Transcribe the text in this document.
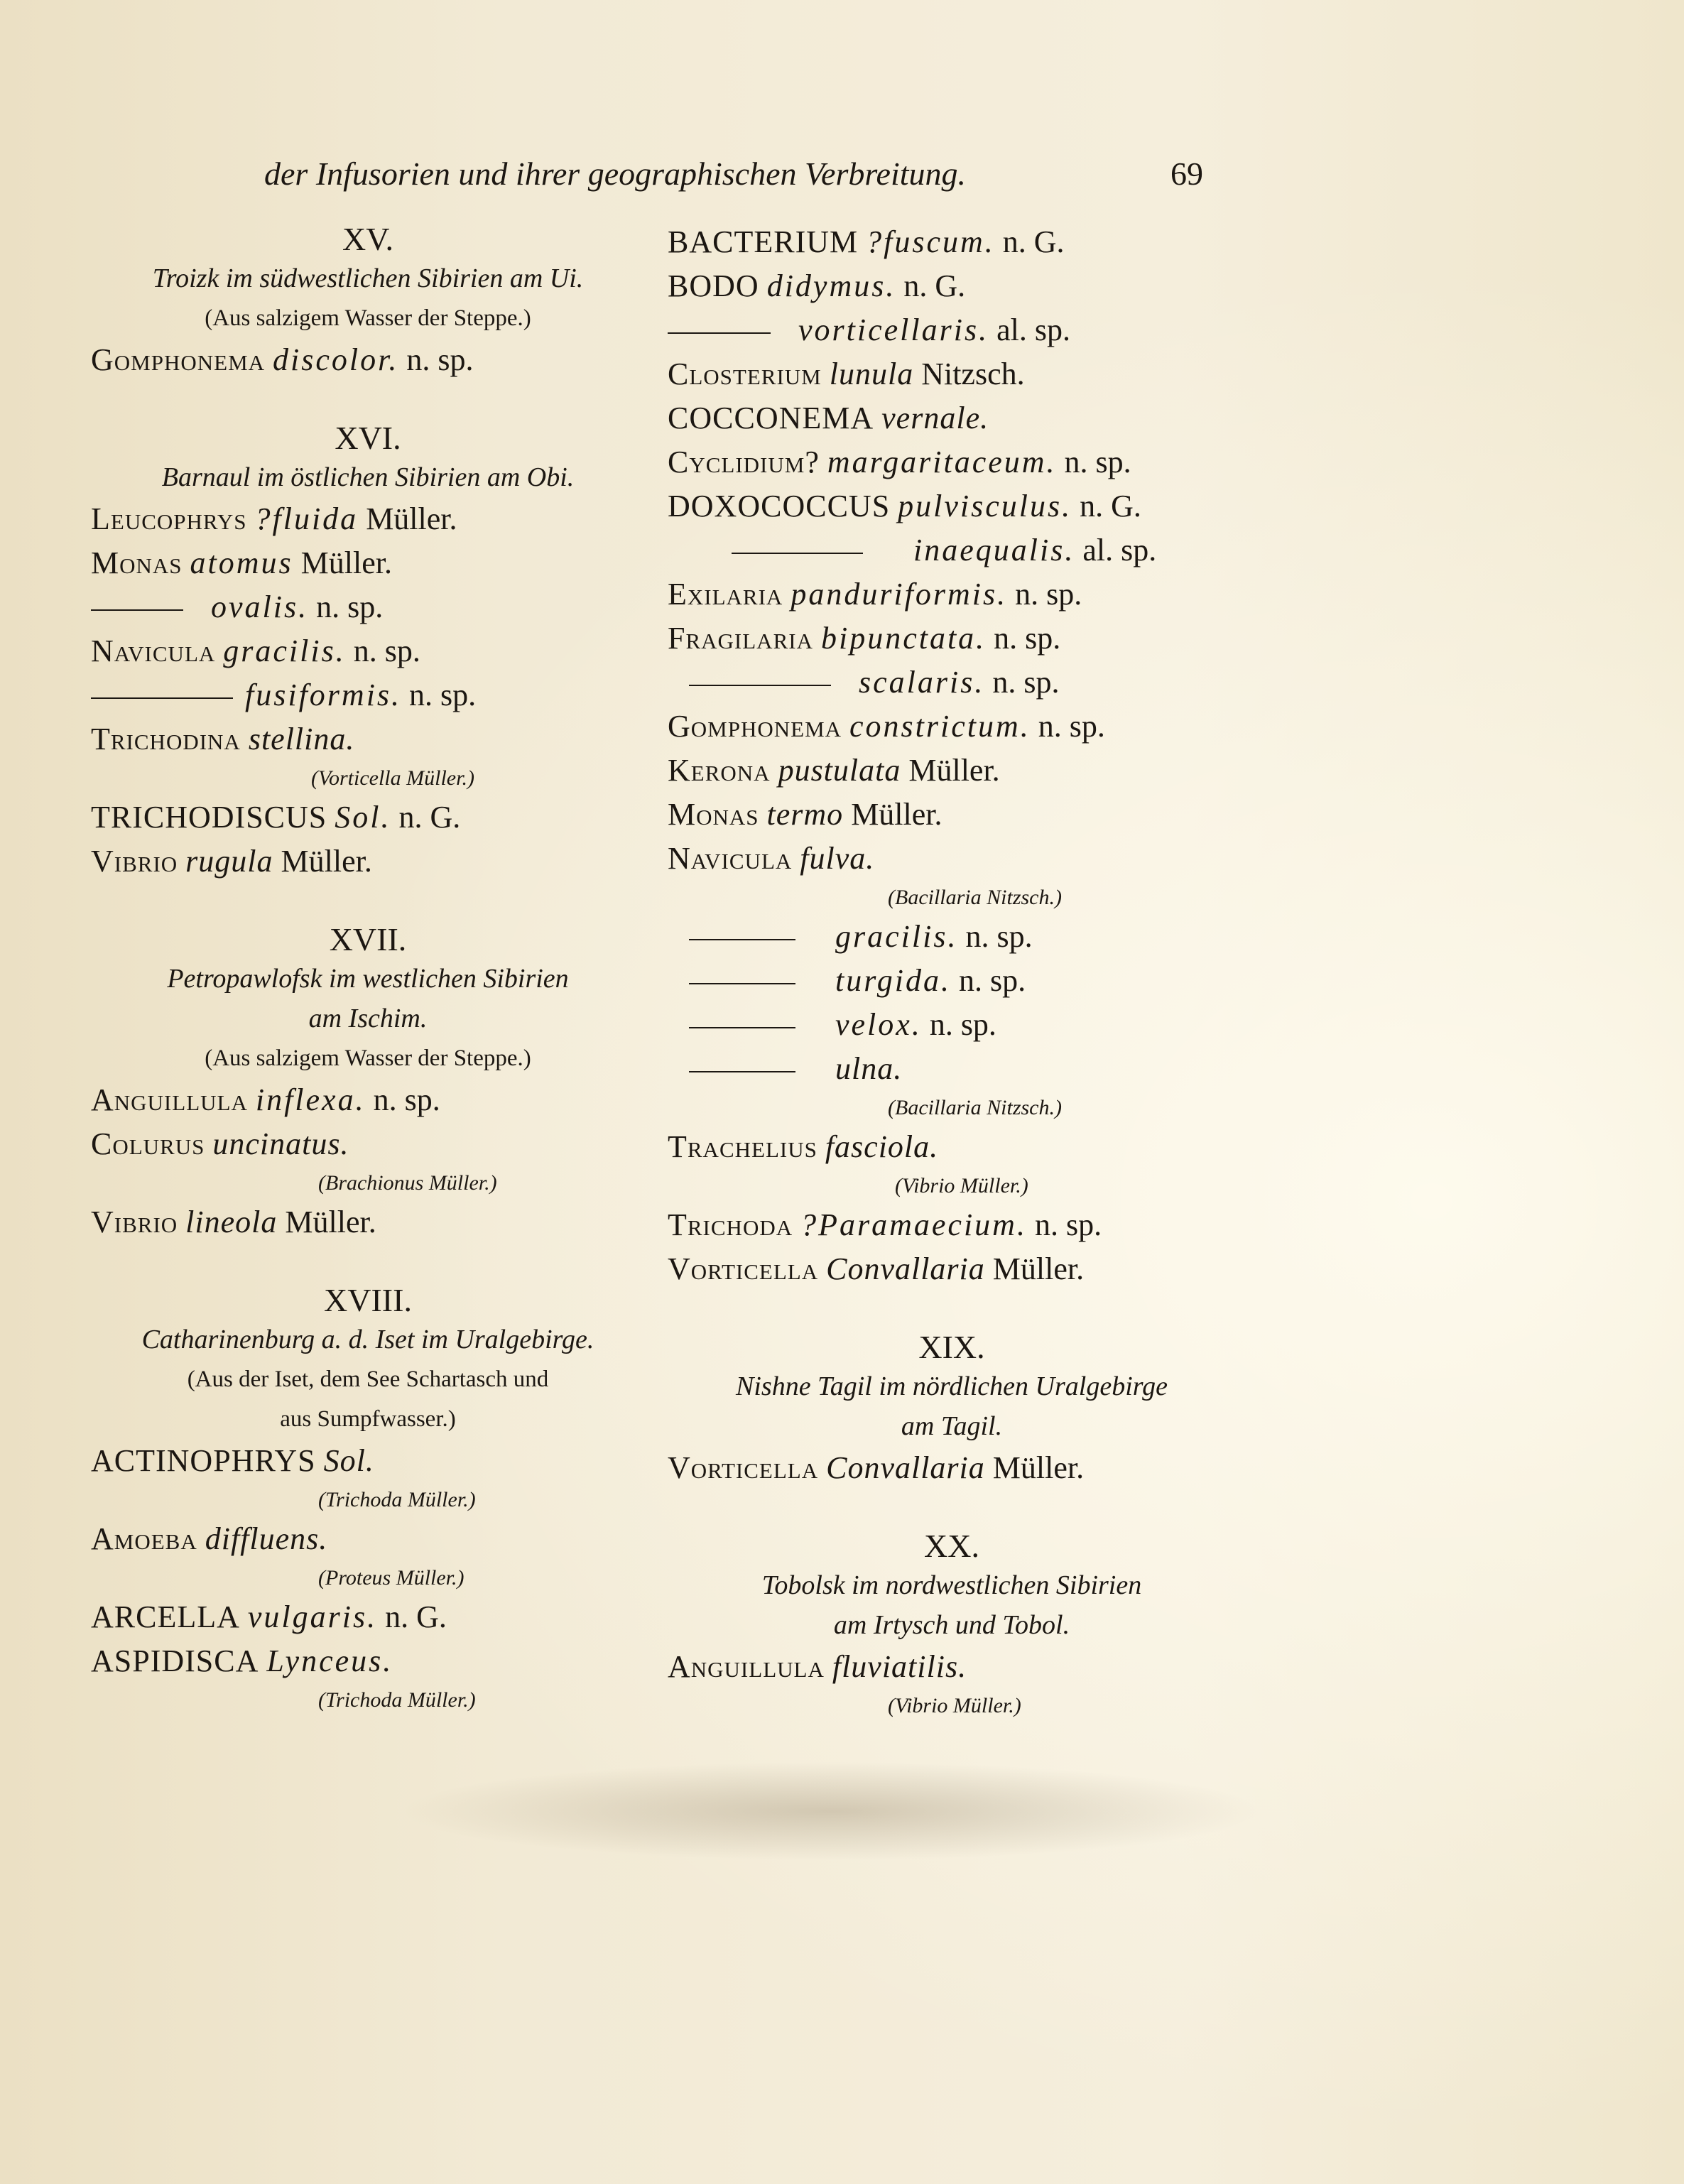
der Infusorien und ihrer geographischen Verbreitung.	69
XV.
Troizk im südwestlichen Sibirien am Ui.
(Aus salzigem Wasser der Steppe.)
Gomphonema discolor. n. sp.
XVI.
Barnaul im östlichen Sibirien am Obi.
Leucophrys ?fluida Müller.
Monas atomus Müller.
ovalis. n. sp.
Navicula gracilis. n. sp.
fusiformis. n. sp.
Trichodina stellina.
(Vorticella Müller.)
TRICHODISCUS Sol. n. G.
Vibrio rugula Müller.
XVII.
Petropawlofsk im westlichen Sibirien
am Ischim.
(Aus salzigem Wasser der Steppe.)
Anguillula inflexa. n. sp.
Colurus uncinatus.
(Brachionus Müller.)
Vibrio lineola Müller.
XVIII.
Catharinenburg a. d. Iset im Uralgebirge.
(Aus der Iset, dem See Schartasch und
aus Sumpfwasser.)
ACTINOPHRYS Sol.
(Trichoda Müller.)
Amoeba diffluens.
(Proteus Müller.)
ARCELLA vulgaris. n. G.
ASPIDISCA Lynceus.
(Trichoda Müller.)
BACTERIUM ?fuscum. n. G.
BODO didymus. n. G.
vorticellaris. al. sp.
Closterium lunula Nitzsch.
COCCONEMA vernale.
Cyclidium? margaritaceum. n. sp.
DOXOCOCCUS pulvisculus. n. G.
inaequalis. al. sp.
Exilaria panduriformis. n. sp.
Fragilaria bipunctata. n. sp.
scalaris. n. sp.
Gomphonema constrictum. n. sp.
Kerona pustulata Müller.
Monas termo Müller.
Navicula fulva.
(Bacillaria Nitzsch.)
gracilis. n. sp.
turgida. n. sp.
velox. n. sp.
ulna.
(Bacillaria Nitzsch.)
Trachelius fasciola.
(Vibrio Müller.)
Trichoda ?Paramaecium. n. sp.
Vorticella Convallaria Müller.
XIX.
Nishne Tagil im nördlichen Uralgebirge
am Tagil.
Vorticella Convallaria Müller.
XX.
Tobolsk im nordwestlichen Sibirien
am Irtysch und Tobol.
Anguillula fluviatilis.
(Vibrio Müller.)
